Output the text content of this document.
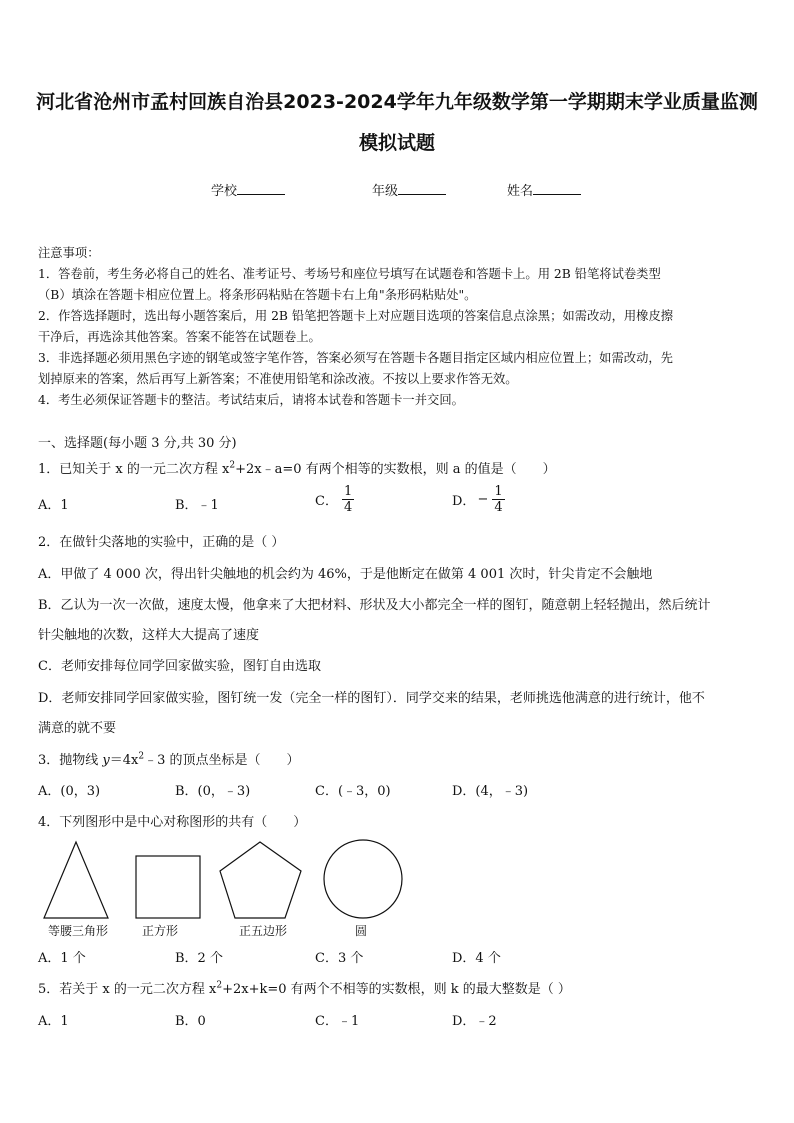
河北省沧州市孟村回族自治县2023-2024学年九年级数学第一学期期末学业质量监测
模拟试题
学校	年级	姓名
注意事项：
1．答卷前，考生务必将自己的姓名、准考证号、考场号和座位号填写在试题卷和答题卡上。用 2B 铅笔将试卷类型
（B）填涂在答题卡相应位置上。将条形码粘贴在答题卡右上角"条形码粘贴处"。
2．作答选择题时，选出每小题答案后，用 2B 铅笔把答题卡上对应题目选项的答案信息点涂黑；如需改动，用橡皮擦
干净后，再选涂其他答案。答案不能答在试题卷上。
3．非选择题必须用黑色字迹的钢笔或签字笔作答，答案必须写在答题卡各题目指定区域内相应位置上；如需改动，先
划掉原来的答案，然后再写上新答案；不准使用铅笔和涂改液。不按以上要求作答无效。
4．考生必须保证答题卡的整洁。考试结束后，请将本试卷和答题卡一并交回。
一、选择题(每小题 3 分,共 30 分)
1．已知关于 x 的一元二次方程 $x^2+2x﹣a=0$ 有两个相等的实数根，则 a 的值是（　　）
A．1	B．﹣1	C． $\frac{1}{4}$	D． − $\frac{1}{4}$
2．在做针尖落地的实验中，正确的是（ ）
A．甲做了 4 000 次，得出针尖触地的机会约为 46%，于是他断定在做第 4 001 次时，针尖肯定不会触地
B．乙认为一次一次做，速度太慢，他拿来了大把材料、形状及大小都完全一样的图钉，随意朝上轻轻抛出，然后统计
针尖触地的次数，这样大大提高了速度
C．老师安排每位同学回家做实验，图钉自由选取
D．老师安排同学回家做实验，图钉统一发（完全一样的图钉）．同学交来的结果，老师挑选他满意的进行统计，他不
满意的就不要
3．抛物线 $y=4x^2﹣3$ 的顶点坐标是（　　）
A．(0，3)	B．(0，﹣3)	C．(﹣3，0)	D．(4，﹣3)
4．下列图形中是中心对称图形的共有（　　）
等腰三角形	正方形	正五边形	圆
A．1 个	B．2 个	C．3 个	D．4 个
5．若关于 x 的一元二次方程 $x^2+2x+k=0$ 有两个不相等的实数根，则 k 的最大整数是（ ）
A．1	B．0	C．﹣1	D．﹣2
